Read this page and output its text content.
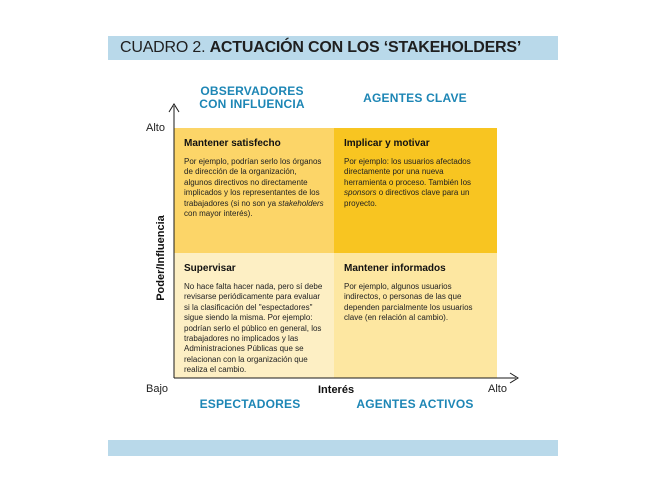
CUADRO 2. ACTUACIÓN CON LOS ‘STAKEHOLDERS’
OBSERVADORES
CON INFLUENCIA	AGENTES CLAVE
ESPECTADORES	AGENTES ACTIVOS
Mantener satisfecho
Por ejemplo, podrían serlo los órganos de dirección de la organización, algunos directivos no directamente implicados y los representantes de los trabajadores (si no son ya stakeholders con mayor interés).
Implicar y motivar
Por ejemplo: los usuarios afectados directamente por una nueva herramienta o proceso. También los sponsors o directivos clave para un proyecto.
Supervisar
No hace falta hacer nada, pero sí debe revisarse periódicamente para evaluar si la clasificación del "espectadores" sigue siendo la misma. Por ejemplo: podrían serlo el público en general, los trabajadores no implicados y las Administraciones Públicas que se relacionan con la organización que realiza el cambio.
Mantener informados
Por ejemplo, algunos usuarios indirectos, o personas de las que dependen parcialmente los usuarios clave (en relación al cambio).
Alto
Bajo	Alto
Interés
Poder/Influencia
